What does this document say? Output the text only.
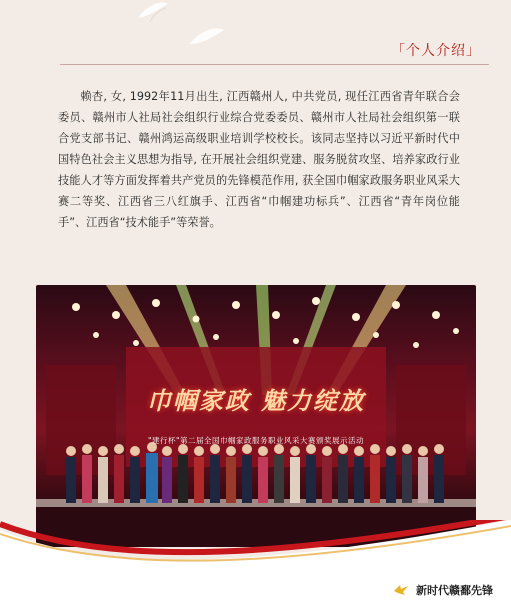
「个人介绍」
赖杏, 女, 1992年11月出生, 江西赣州人, 中共党员, 现任江西省青年联合会委员、赣州市人社局社会组织行业综合党委委员、赣州市人社局社会组织第一联合党支部书记、赣州鸿运高级职业培训学校校长。该同志坚持以习近平新时代中国特色社会主义思想为指导, 在开展社会组织党建、服务脱贫攻坚、培养家政行业技能人才等方面发挥着共产党员的先锋模范作用, 获全国巾帼家政服务职业风采大赛二等奖、江西省三八红旗手、江西省“巾帼建功标兵”、江西省“青年岗位能手”、江西省“技术能手”等荣誉。
巾帼家政 魅力绽放
"建行杯"第二届全国巾帼家政服务职业风采大赛颁奖展示活动
新时代赣鄱先锋
